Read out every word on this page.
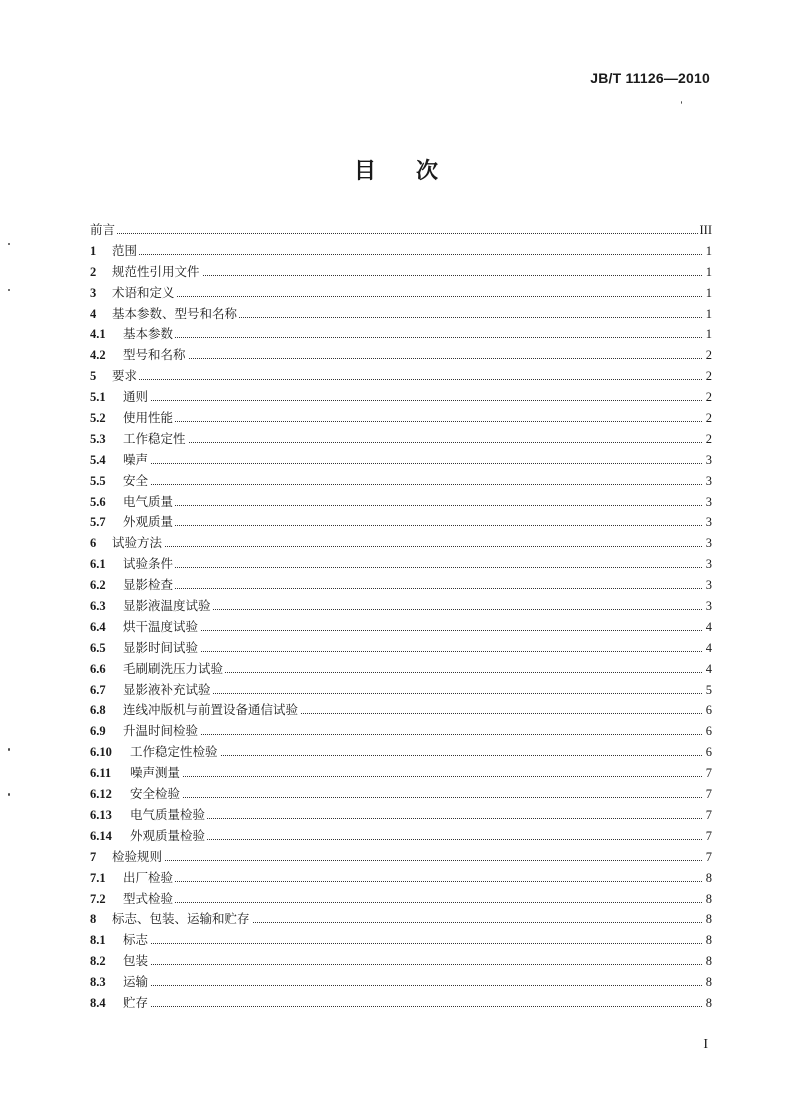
JB/T 11126—2010
目次
前言	III
1 范围	1
2 规范性引用文件	1
3 术语和定义	1
4 基本参数、型号和名称	1
4.1 基本参数	1
4.2 型号和名称	2
5 要求	2
5.1 通则	2
5.2 使用性能	2
5.3 工作稳定性	2
5.4 噪声	3
5.5 安全	3
5.6 电气质量	3
5.7 外观质量	3
6 试验方法	3
6.1 试验条件	3
6.2 显影检查	3
6.3 显影液温度试验	3
6.4 烘干温度试验	4
6.5 显影时间试验	4
6.6 毛刷刷洗压力试验	4
6.7 显影液补充试验	5
6.8 连线冲版机与前置设备通信试验	6
6.9 升温时间检验	6
6.10 工作稳定性检验	6
6.11 噪声测量	7
6.12 安全检验	7
6.13 电气质量检验	7
6.14 外观质量检验	7
7 检验规则	7
7.1 出厂检验	8
7.2 型式检验	8
8 标志、包装、运输和贮存	8
8.1 标志	8
8.2 包装	8
8.3 运输	8
8.4 贮存	8
I
